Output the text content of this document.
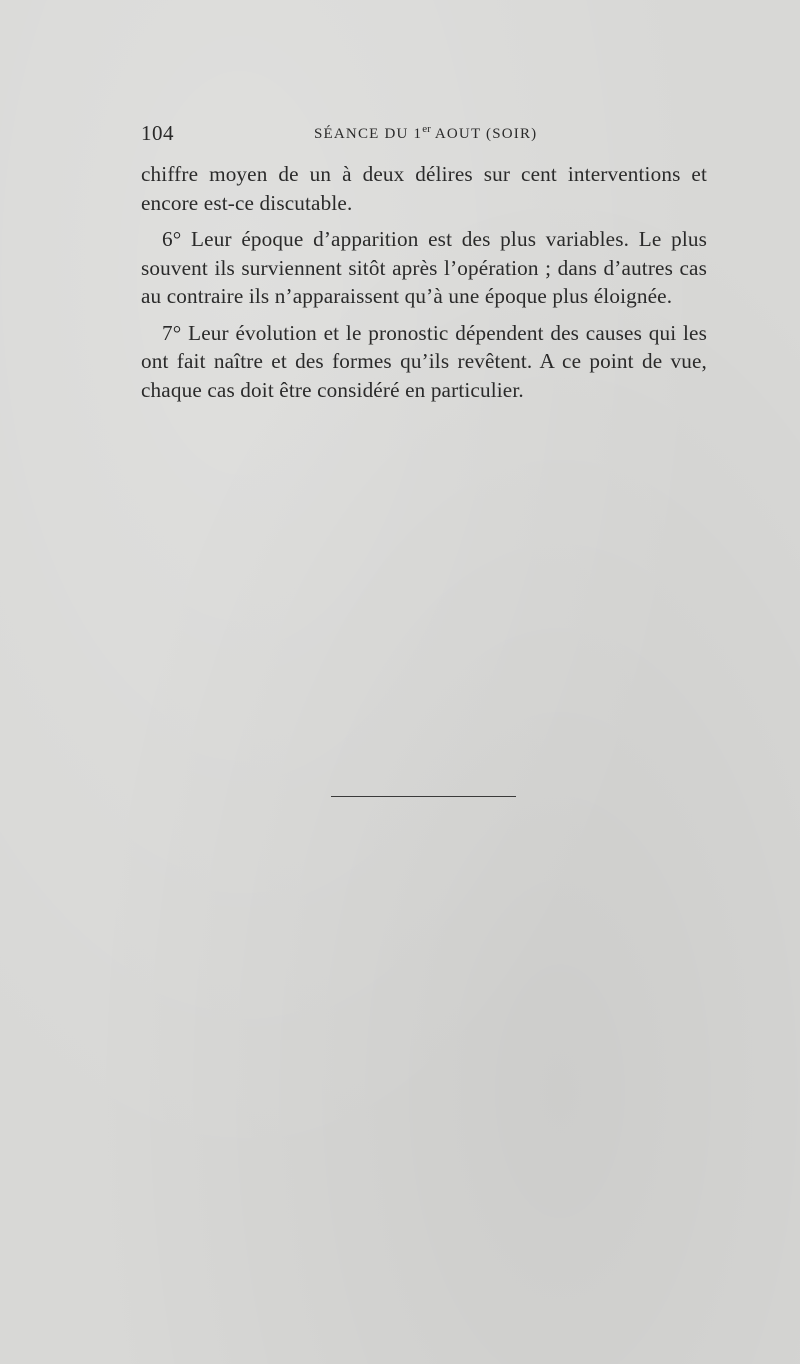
104	SÉANCE DU 1er AOUT (SOIR)

chiffre moyen de un à deux délires sur cent interventions et encore est-ce discutable.

6° Leur époque d’apparition est des plus variables. Le plus souvent ils surviennent sitôt après l’opération ; dans d’autres cas au contraire ils n’apparaissent qu’à une époque plus éloignée.

7° Leur évolution et le pronostic dépendent des causes qui les ont fait naître et des formes qu’ils revêtent. A ce point de vue, chaque cas doit être considéré en particulier.
